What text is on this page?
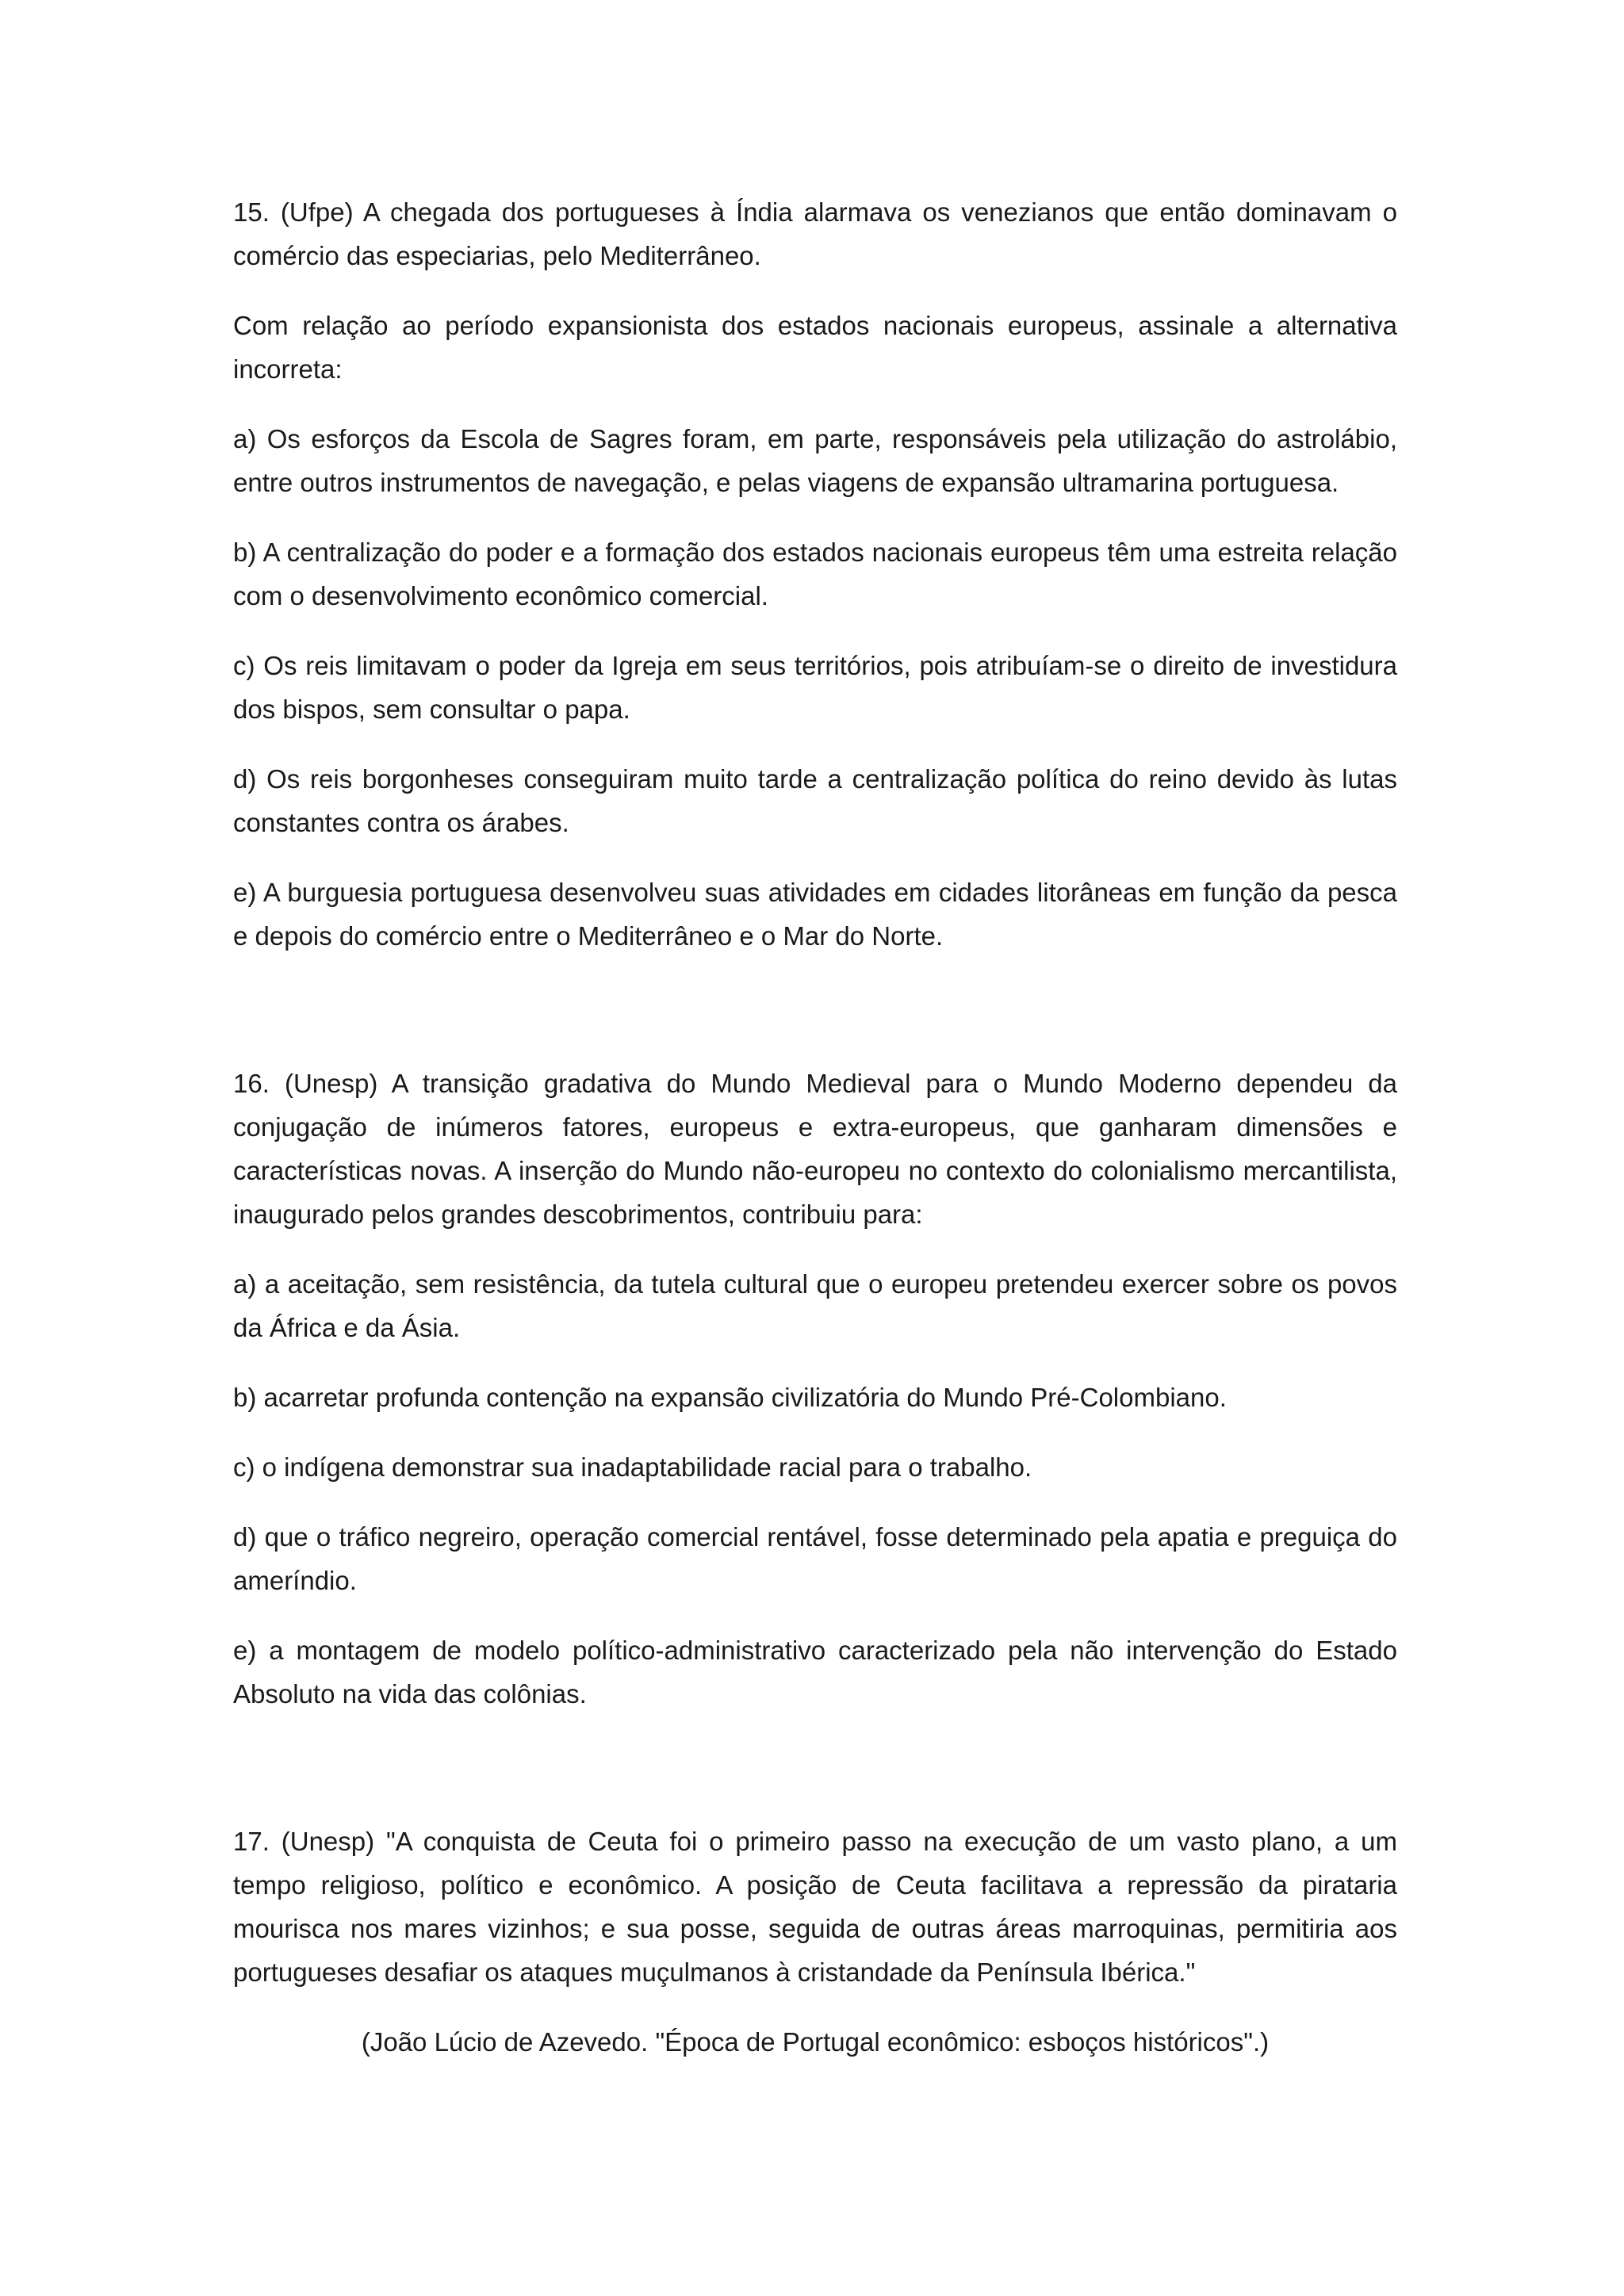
15. (Ufpe) A chegada dos portugueses à Índia alarmava os venezianos que então dominavam o comércio das especiarias, pelo Mediterrâneo.

Com relação ao período expansionista dos estados nacionais europeus, assinale a alternativa incorreta:

a) Os esforços da Escola de Sagres foram, em parte, responsáveis pela utilização do astrolábio, entre outros instrumentos de navegação, e pelas viagens de expansão ultramarina portuguesa.

b) A centralização do poder e a formação dos estados nacionais europeus têm uma estreita relação com o desenvolvimento econômico comercial.

c) Os reis limitavam o poder da Igreja em seus territórios, pois atribuíam-se o direito de investidura dos bispos, sem consultar o papa.

d) Os reis borgonheses conseguiram muito tarde a centralização política do reino devido às lutas constantes contra os árabes.

e) A burguesia portuguesa desenvolveu suas atividades em cidades litorâneas em função da pesca e depois do comércio entre o Mediterrâneo e o Mar do Norte.

16. (Unesp) A transição gradativa do Mundo Medieval para o Mundo Moderno dependeu da conjugação de inúmeros fatores, europeus e extra-europeus, que ganharam dimensões e características novas. A inserção do Mundo não-europeu no contexto do colonialismo mercantilista, inaugurado pelos grandes descobrimentos, contribuiu para:

a) a aceitação, sem resistência, da tutela cultural que o europeu pretendeu exercer sobre os povos da África e da Ásia.

b) acarretar profunda contenção na expansão civilizatória do Mundo Pré-Colombiano.

c) o indígena demonstrar sua inadaptabilidade racial para o trabalho.

d) que o tráfico negreiro, operação comercial rentável, fosse determinado pela apatia e preguiça do ameríndio.

e) a montagem de modelo político-administrativo caracterizado pela não intervenção do Estado Absoluto na vida das colônias.

17. (Unesp) "A conquista de Ceuta foi o primeiro passo na execução de um vasto plano, a um tempo religioso, político e econômico. A posição de Ceuta facilitava a repressão da pirataria mourisca nos mares vizinhos; e sua posse, seguida de outras áreas marroquinas, permitiria aos portugueses desafiar os ataques muçulmanos à cristandade da Península Ibérica."

(João Lúcio de Azevedo. "Época de Portugal econômico: esboços históricos".)
